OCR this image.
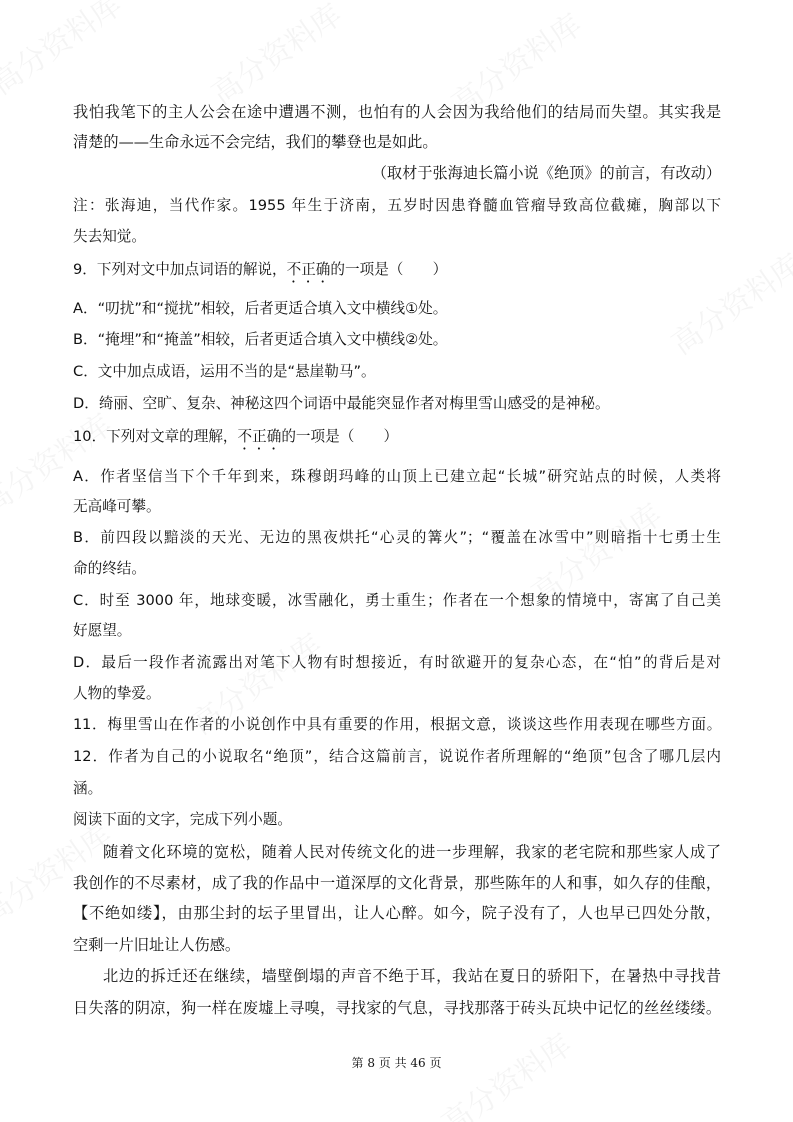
我怕我笔下的主人公会在途中遭遇不测，也怕有的人会因为我给他们的结局而失望。其实我是
清楚的——生命永远不会完结，我们的攀登也是如此。
（取材于张海迪长篇小说《绝顶》的前言，有改动）
注：张海迪，当代作家。1955 年生于济南，五岁时因患脊髓血管瘤导致高位截瘫，胸部以下
失去知觉。
9．下列对文中加点词语的解说，不正确的一项是（　　）
A．“叨扰”和“搅扰”相较，后者更适合填入文中横线①处。
B．“掩埋”和“掩盖”相较，后者更适合填入文中横线②处。
C．文中加点成语，运用不当的是“悬崖勒马”。
D．绮丽、空旷、复杂、神秘这四个词语中最能突显作者对梅里雪山感受的是神秘。
10．下列对文章的理解，不正确的一项是（　　）
A．作者坚信当下个千年到来，珠穆朗玛峰的山顶上已建立起“长城”研究站点的时候，人类将
无高峰可攀。
B．前四段以黯淡的天光、无边的黑夜烘托“心灵的篝火”；“覆盖在冰雪中”则暗指十七勇士生
命的终结。
C．时至 3000 年，地球变暖，冰雪融化，勇士重生；作者在一个想象的情境中，寄寓了自己美
好愿望。
D．最后一段作者流露出对笔下人物有时想接近，有时欲避开的复杂心态，在“怕”的背后是对
人物的挚爱。
11．梅里雪山在作者的小说创作中具有重要的作用，根据文意，谈谈这些作用表现在哪些方面。
12．作者为自己的小说取名“绝顶”，结合这篇前言，说说作者所理解的“绝顶”包含了哪几层内
涵。
阅读下面的文字，完成下列小题。
随着文化环境的宽松，随着人民对传统文化的进一步理解，我家的老宅院和那些家人成了
我创作的不尽素材，成了我的作品中一道深厚的文化背景，那些陈年的人和事，如久存的佳酿，
【不绝如缕】，由那尘封的坛子里冒出，让人心醉。如今，院子没有了，人也早已四处分散，
空剩一片旧址让人伤感。
北边的拆迁还在继续，墙壁倒塌的声音不绝于耳，我站在夏日的骄阳下，在暑热中寻找昔
日失落的阴凉，狗一样在废墟上寻嗅，寻找家的气息，寻找那落于砖头瓦块中记忆的丝丝缕缕。
第 8 页 共 46 页
